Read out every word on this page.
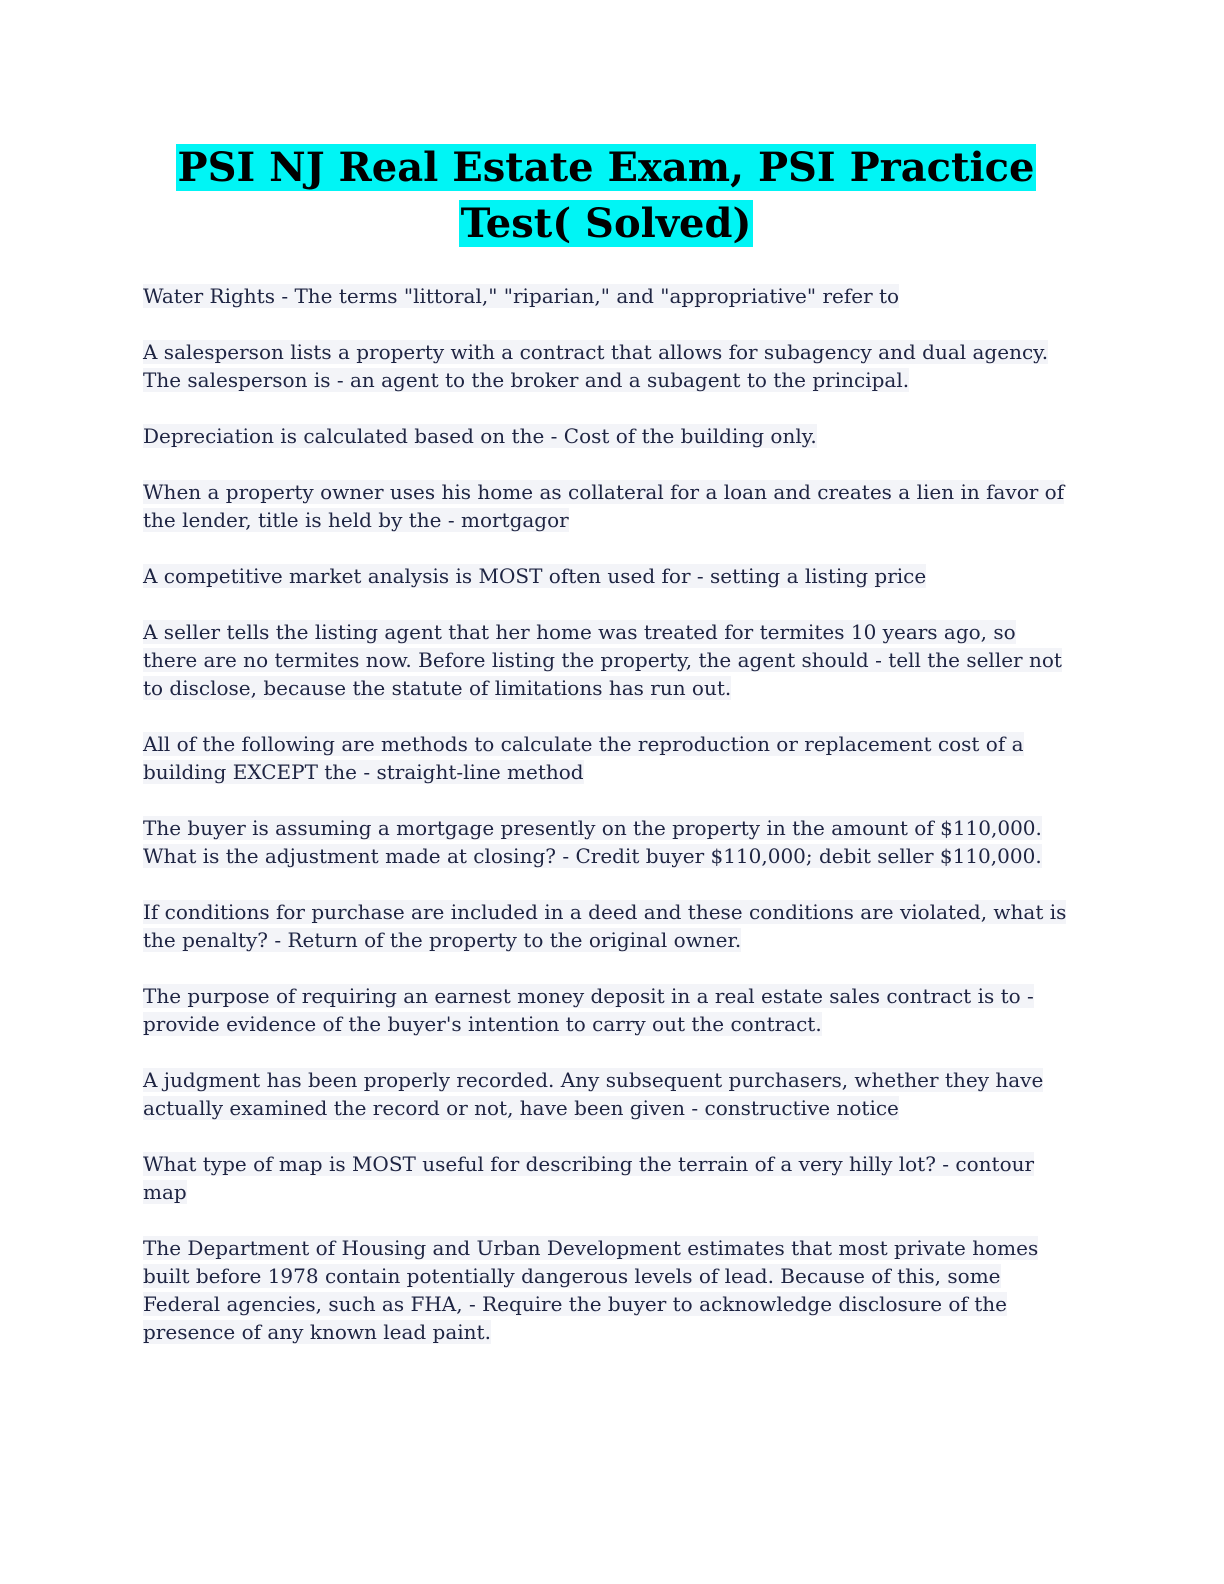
PSI NJ Real Estate Exam, PSI Practice Test( Solved)

Water Rights - The terms "littoral," "riparian," and "appropriative" refer to

A salesperson lists a property with a contract that allows for subagency and dual agency. The salesperson is - an agent to the broker and a subagent to the principal.

Depreciation is calculated based on the - Cost of the building only.

When a property owner uses his home as collateral for a loan and creates a lien in favor of the lender, title is held by the - mortgagor

A competitive market analysis is MOST often used for - setting a listing price

A seller tells the listing agent that her home was treated for termites 10 years ago, so there are no termites now. Before listing the property, the agent should - tell the seller not to disclose, because the statute of limitations has run out.

All of the following are methods to calculate the reproduction or replacement cost of a building EXCEPT the - straight-line method

The buyer is assuming a mortgage presently on the property in the amount of $110,000. What is the adjustment made at closing? - Credit buyer $110,000; debit seller $110,000.

If conditions for purchase are included in a deed and these conditions are violated, what is the penalty? - Return of the property to the original owner.

The purpose of requiring an earnest money deposit in a real estate sales contract is to - provide evidence of the buyer's intention to carry out the contract.

A judgment has been properly recorded. Any subsequent purchasers, whether they have actually examined the record or not, have been given - constructive notice

What type of map is MOST useful for describing the terrain of a very hilly lot? - contour map

The Department of Housing and Urban Development estimates that most private homes built before 1978 contain potentially dangerous levels of lead. Because of this, some Federal agencies, such as FHA, - Require the buyer to acknowledge disclosure of the presence of any known lead paint.
